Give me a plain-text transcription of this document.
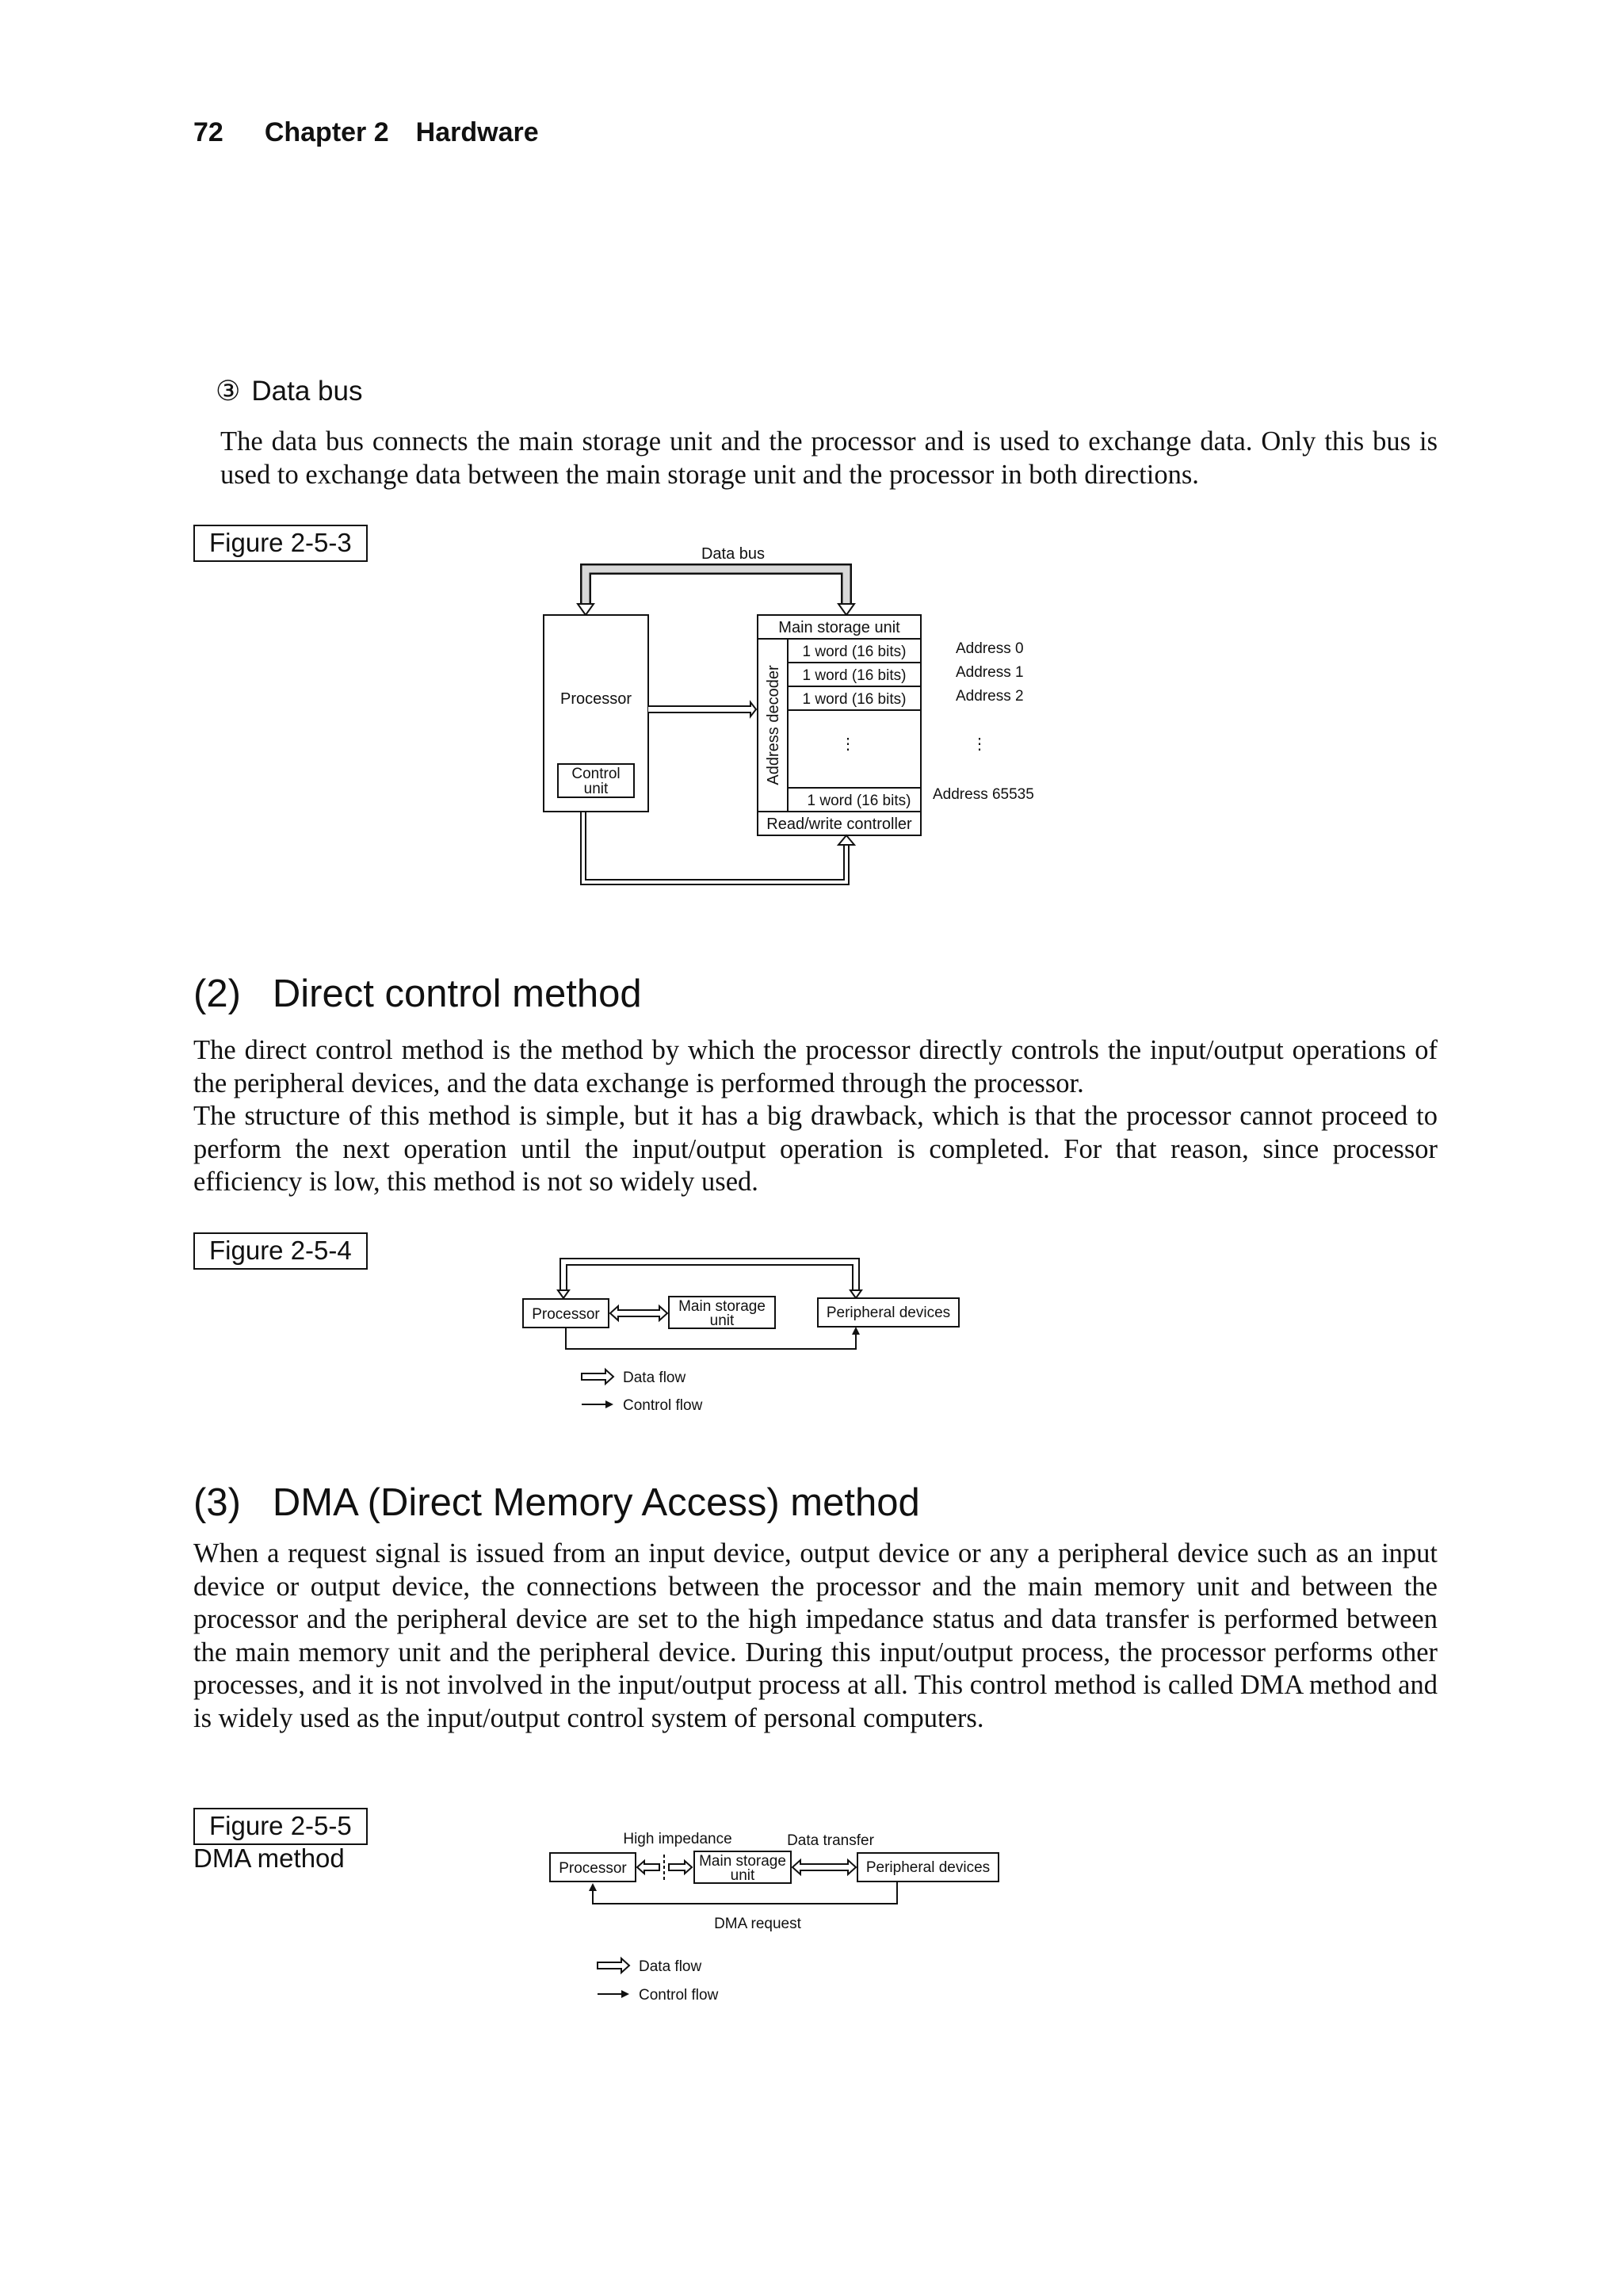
72 Chapter 2 Hardware
③ Data bus

The data bus connects the main storage unit and the processor and is used to exchange data. Only this bus is used to exchange data between the main storage unit and the processor in both directions.

Figure 2-5-3	Data bus
Processor
Control
unit
Main storage unit
Address decoder
1 word (16 bits)
1 word (16 bits)
1 word (16 bits)
⋮
1 word (16 bits)
Read/write controller
Address 0
Address 1
Address 2
⋮
Address 65535
(2) Direct control method

The direct control method is the method by which the processor directly controls the input/output operations of the peripheral devices, and the data exchange is performed through the processor.

The structure of this method is simple, but it has a big drawback, which is that the processor cannot proceed to perform the next operation until the input/output operation is completed. For that reason, since processor efficiency is low, this method is not so widely used.

Figure 2-5-4
Processor	Main storage
unit	Peripheral devices
Data flow
Control flow
(3) DMA (Direct Memory Access) method

When a request signal is issued from an input device, output device or any a peripheral device such as an input device or output device, the connections between the processor and the main memory unit and between the processor and the peripheral device are set to the high impedance status and data transfer is performed between the main memory unit and the peripheral device. During this input/output process, the processor performs other processes, and it is not involved in the input/output process at all. This control method is called DMA method and is widely used as the input/output control system of personal computers.

Figure 2-5-5
DMA method
High impedance	Data transfer
Processor	Main storage
unit	Peripheral devices
DMA request
Data flow
Control flow
